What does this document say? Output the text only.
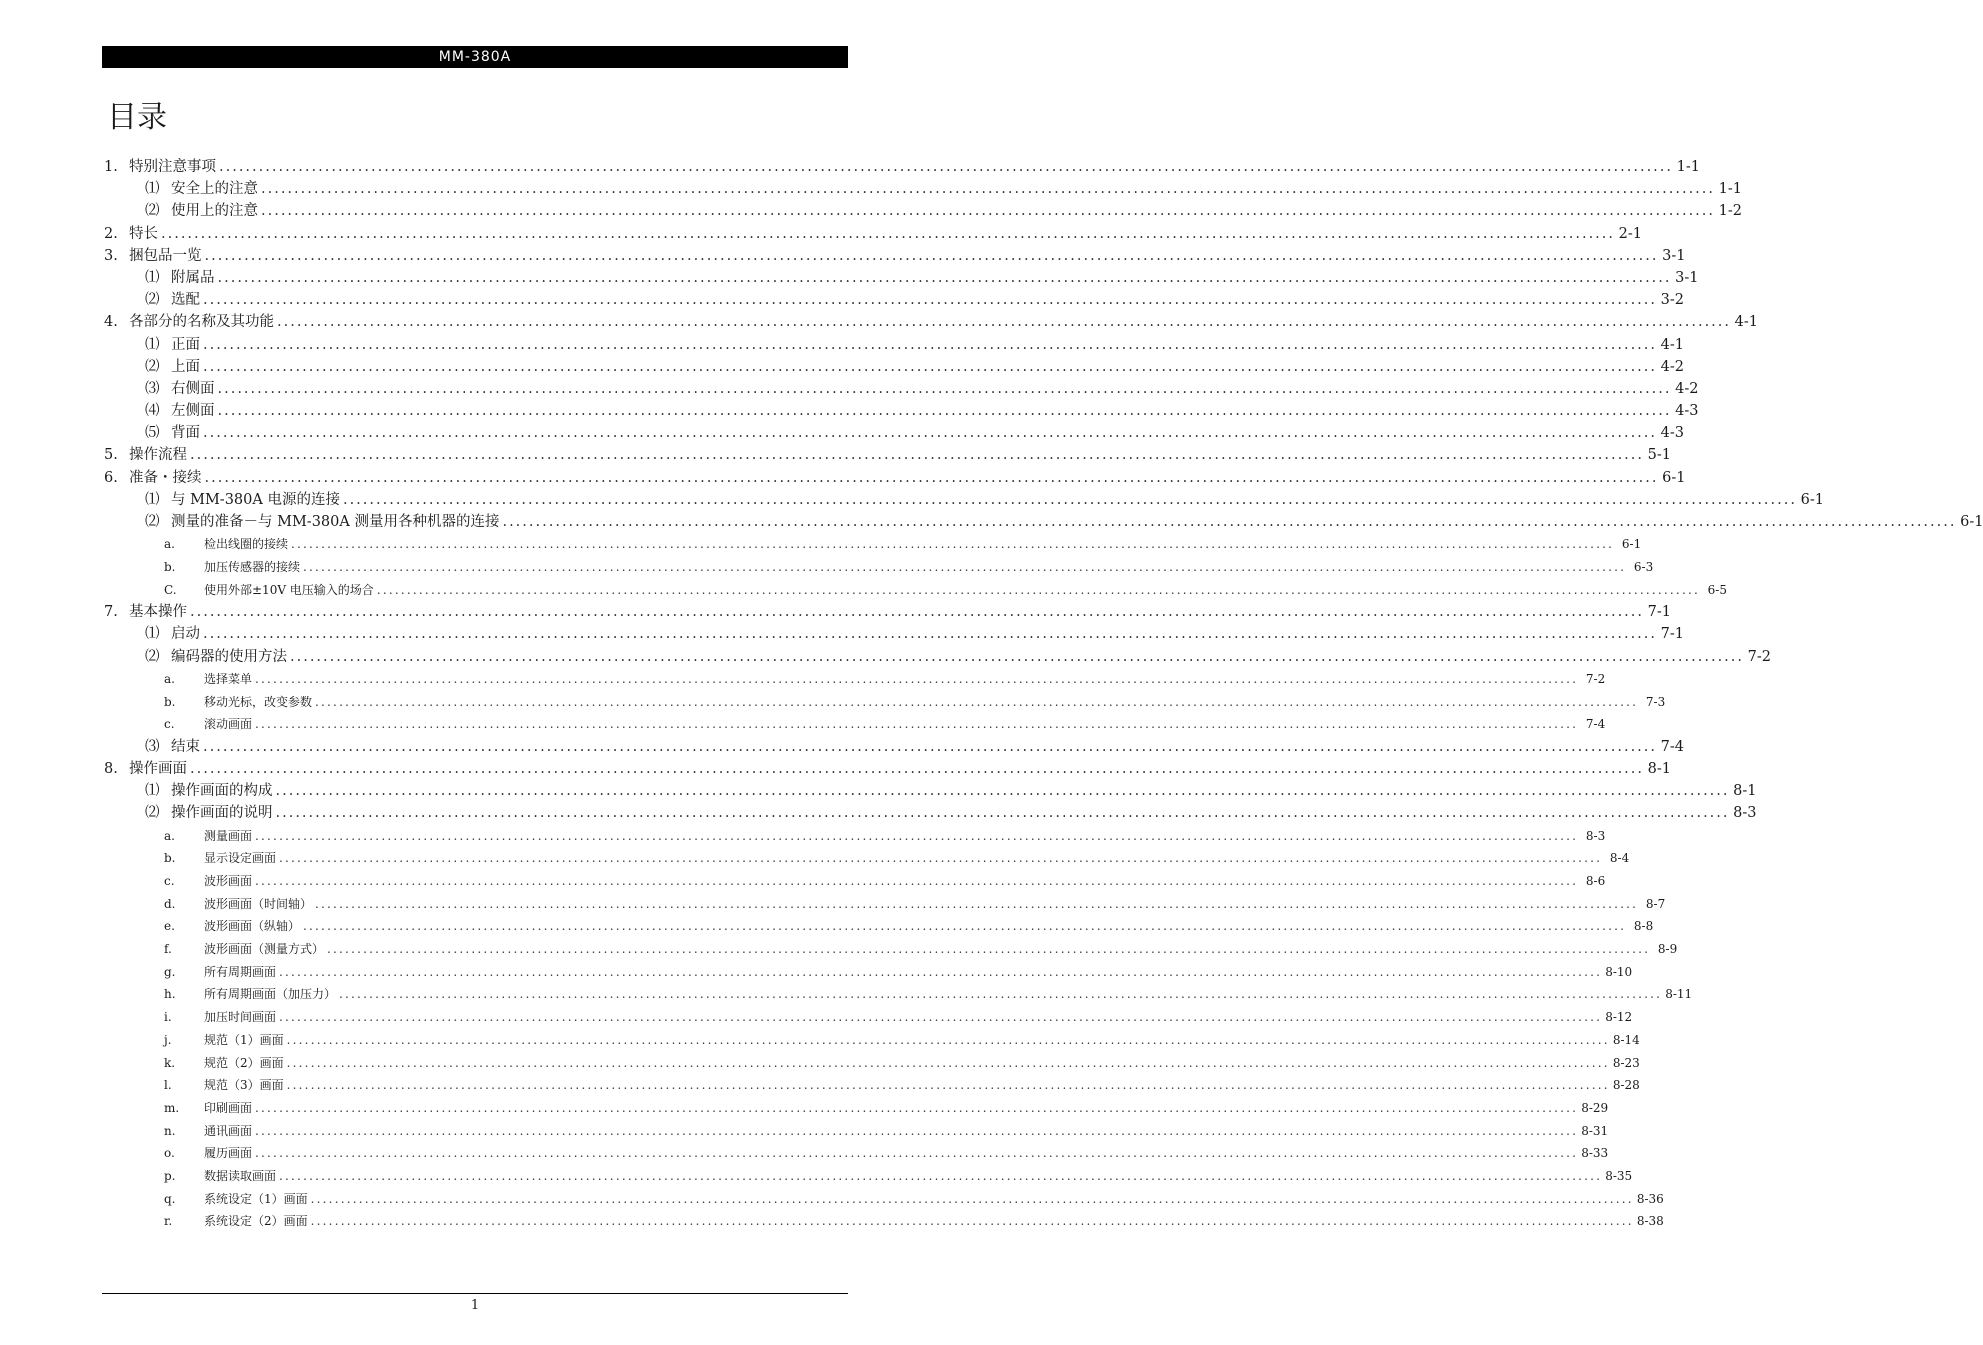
MM-380A
目录
1. 特别注意事项 ............................................................................................................................................................................................................................ 1-1
⑴ 安全上的注意 ............................................................................................................................................................................................................................ 1-1
⑵ 使用上的注意 ............................................................................................................................................................................................................................ 1-2
2. 特长 ............................................................................................................................................................................................................................ 2-1
3. 捆包品一览 ............................................................................................................................................................................................................................ 3-1
⑴ 附属品 ............................................................................................................................................................................................................................ 3-1
⑵ 选配 ............................................................................................................................................................................................................................ 3-2
4. 各部分的名称及其功能 ............................................................................................................................................................................................................................ 4-1
⑴ 正面 ............................................................................................................................................................................................................................ 4-1
⑵ 上面 ............................................................................................................................................................................................................................ 4-2
⑶ 右侧面 ............................................................................................................................................................................................................................ 4-2
⑷ 左侧面 ............................................................................................................................................................................................................................ 4-3
⑸ 背面 ............................................................................................................................................................................................................................ 4-3
5. 操作流程 ............................................................................................................................................................................................................................ 5-1
6. 准备・接续 ............................................................................................................................................................................................................................ 6-1
⑴ 与 MM-380A 电源的连接 ............................................................................................................................................................................................................................ 6-1
⑵ 测量的准备－与 MM-380A 测量用各种机器的连接 ............................................................................................................................................................................................................................ 6-1
a.	检出线圈的接续 ............................................................................................................................................................................................................................ 6-1
b.	加压传感器的接续 ............................................................................................................................................................................................................................ 6-3
C.	使用外部±10V 电压输入的场合 ............................................................................................................................................................................................................................ 6-5
7. 基本操作 ............................................................................................................................................................................................................................ 7-1
⑴ 启动 ............................................................................................................................................................................................................................ 7-1
⑵ 编码器的使用方法 ............................................................................................................................................................................................................................ 7-2
a.	选择菜单 ............................................................................................................................................................................................................................ 7-2
b.	移动光标，改变参数 ............................................................................................................................................................................................................................ 7-3
c.	滚动画面 ............................................................................................................................................................................................................................ 7-4
⑶ 结束 ............................................................................................................................................................................................................................ 7-4
8. 操作画面 ............................................................................................................................................................................................................................ 8-1
⑴ 操作画面的构成 ............................................................................................................................................................................................................................ 8-1
⑵ 操作画面的说明 ............................................................................................................................................................................................................................ 8-3
a.	测量画面 ............................................................................................................................................................................................................................ 8-3
b.	显示设定画面 ............................................................................................................................................................................................................................ 8-4
c.	波形画面 ............................................................................................................................................................................................................................ 8-6
d.	波形画面（时间轴） ............................................................................................................................................................................................................................ 8-7
e.	波形画面（纵轴） ............................................................................................................................................................................................................................ 8-8
f.	波形画面（测量方式） ............................................................................................................................................................................................................................ 8-9
g.	所有周期画面 ............................................................................................................................................................................................................................ 8-10
h.	所有周期画面（加压力） ............................................................................................................................................................................................................................ 8-11
i.	加压时间画面 ............................................................................................................................................................................................................................ 8-12
j.	规范（1）画面 ............................................................................................................................................................................................................................ 8-14
k.	规范（2）画面 ............................................................................................................................................................................................................................ 8-23
l.	规范（3）画面 ............................................................................................................................................................................................................................ 8-28
m.	印刷画面 ............................................................................................................................................................................................................................ 8-29
n.	通讯画面 ............................................................................................................................................................................................................................ 8-31
o.	履历画面 ............................................................................................................................................................................................................................ 8-33
p.	数据读取画面 ............................................................................................................................................................................................................................ 8-35
q.	系统设定（1）画面 ............................................................................................................................................................................................................................ 8-36
r.	系统设定（2）画面 ............................................................................................................................................................................................................................ 8-38
1
